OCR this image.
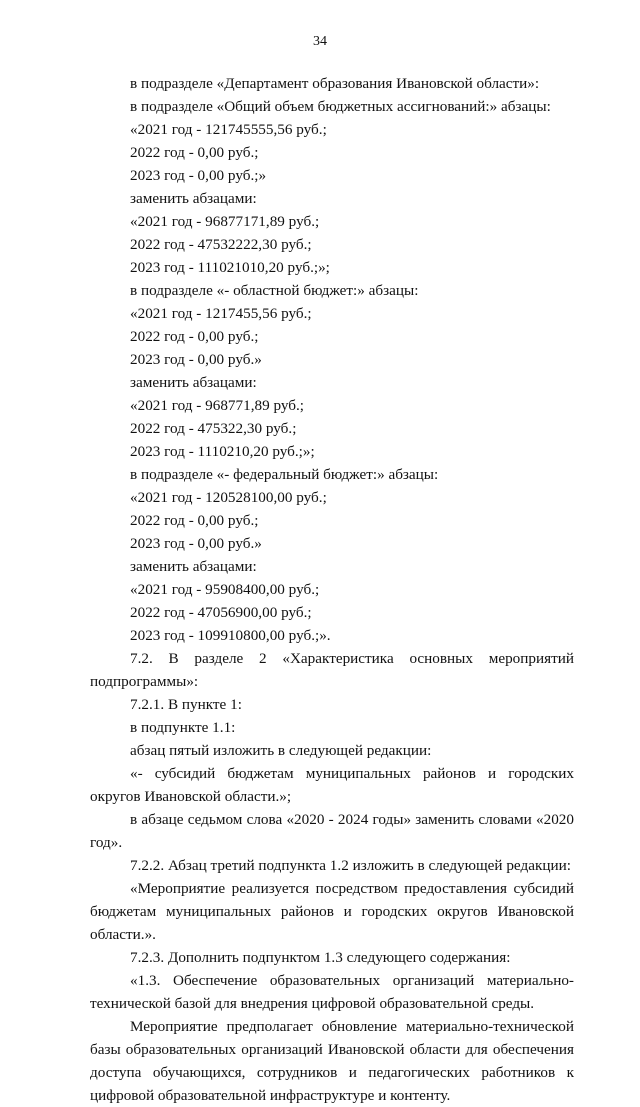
34

в подразделе «Департамент образования Ивановской области»:

в подразделе «Общий объем бюджетных ассигнований:» абзацы:

«2021 год - 121745555,56 руб.;

2022 год - 0,00 руб.;

2023 год - 0,00 руб.;»

заменить абзацами:

«2021 год - 96877171,89 руб.;

2022 год - 47532222,30 руб.;

2023 год - 111021010,20 руб.;»;

в подразделе «- областной бюджет:» абзацы:

«2021 год - 1217455,56 руб.;

2022 год - 0,00 руб.;

2023 год - 0,00 руб.»

заменить абзацами:

«2021 год - 968771,89 руб.;

2022 год - 475322,30 руб.;

2023 год - 1110210,20 руб.;»;

в подразделе «- федеральный бюджет:» абзацы:

«2021 год - 120528100,00 руб.;

2022 год - 0,00 руб.;

2023 год - 0,00 руб.»

заменить абзацами:

«2021 год - 95908400,00 руб.;

2022 год - 47056900,00 руб.;

2023 год - 109910800,00 руб.;».

7.2. В разделе 2 «Характеристика основных мероприятий подпрограммы»:

7.2.1. В пункте 1:

в подпункте 1.1:

абзац пятый изложить в следующей редакции:

«- субсидий бюджетам муниципальных районов и городских округов Ивановской области.»;

в абзаце седьмом слова «2020 - 2024 годы» заменить словами «2020 год».

7.2.2. Абзац третий подпункта 1.2 изложить в следующей редакции:

«Мероприятие реализуется посредством предоставления субсидий бюджетам муниципальных районов и городских округов Ивановской области.».

7.2.3. Дополнить подпунктом 1.3 следующего содержания:

«1.3. Обеспечение образовательных организаций материально-технической базой для внедрения цифровой образовательной среды.

Мероприятие предполагает обновление материально-технической базы образовательных организаций Ивановской области для обеспечения доступа обучающихся, сотрудников и педагогических работников к цифровой образовательной инфраструктуре и контенту.
